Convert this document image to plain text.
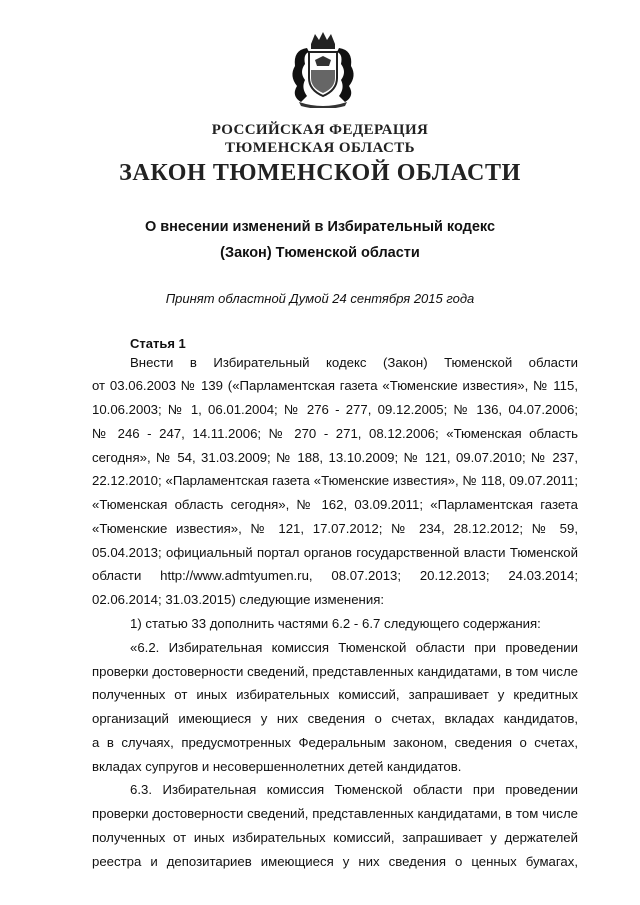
РОССИЙСКАЯ ФЕДЕРАЦИЯ
ТЮМЕНСКАЯ ОБЛАСТЬ
ЗАКОН ТЮМЕНСКОЙ ОБЛАСТИ
О внесении изменений в Избирательный кодекс
(Закон) Тюменской области
Принят областной Думой 24 сентября 2015 года
Статья 1
Внести в Избирательный кодекс (Закон) Тюменской области
от 03.06.2003 № 139 («Парламентская газета «Тюменские известия», № 115,
10.06.2003; № 1, 06.01.2004; № 276 - 277, 09.12.2005; № 136, 04.07.2006;
№ 246 - 247, 14.11.2006; № 270 - 271, 08.12.2006; «Тюменская область
сегодня», № 54, 31.03.2009; № 188, 13.10.2009; № 121, 09.07.2010; № 237,
22.12.2010; «Парламентская газета «Тюменские известия», № 118, 09.07.2011;
«Тюменская область сегодня», № 162, 03.09.2011; «Парламентская газета
«Тюменские известия», № 121, 17.07.2012; № 234, 28.12.2012; № 59,
05.04.2013; официальный портал органов государственной власти Тюменской
области http://www.admtyumen.ru, 08.07.2013; 20.12.2013; 24.03.2014;
02.06.2014; 31.03.2015) следующие изменения:
1) статью 33 дополнить частями 6.2 - 6.7 следующего содержания:
«6.2. Избирательная комиссия Тюменской области при проведении
проверки достоверности сведений, представленных кандидатами, в том числе
полученных от иных избирательных комиссий, запрашивает у кредитных
организаций имеющиеся у них сведения о счетах, вкладах кандидатов,
а в случаях, предусмотренных Федеральным законом, сведения о счетах,
вкладах супругов и несовершеннолетних детей кандидатов.
6.3. Избирательная комиссия Тюменской области при проведении
проверки достоверности сведений, представленных кандидатами, в том числе
полученных от иных избирательных комиссий, запрашивает у держателей
реестра и депозитариев имеющиеся у них сведения о ценных бумагах,
